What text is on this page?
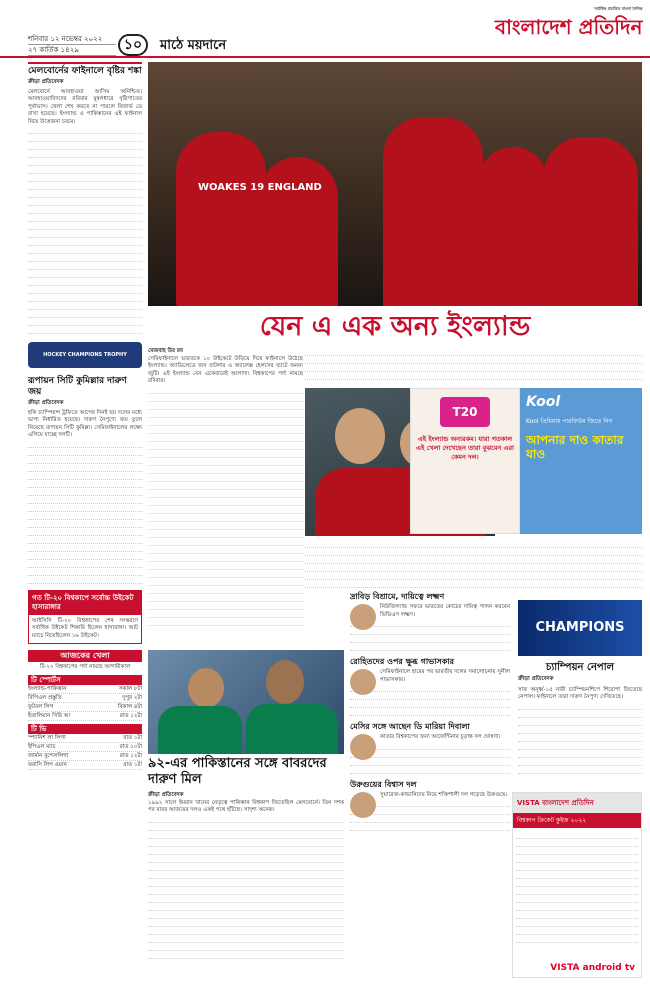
শনিবার ১২ নভেম্বর ২০২২
২৭ কার্তিক ১৪২৯	১০	মাঠে ময়দানে
সর্বাধিক প্রচারিত বাংলা দৈনিক
বাংলাদেশ প্রতিদিন
মেলবোর্নের ফাইনালে বৃষ্টির শঙ্কা
ক্রীড়া প্রতিবেদক
মেলবোর্নে আবহাওয়া আসিম অনিশ্চিত। আবহাওয়াবিদদের রবিবার মুষলধারে বৃষ্টিপাতের পূর্বাভাস। খেলা শেষ করতে না পারলে রিজার্ভ ডে রাখা হয়েছে। ইংল্যান্ড ও পাকিস্তানের এই ফাইনাল নিয়ে উত্তেজনা চরমে।
HOCKEY CHAMPIONS TROPHY
রূপায়ন সিটি কুমিল্লার দারুণ জয়
ক্রীড়া প্রতিবেদক
হকি চ্যাম্পিয়ন্স ট্রফিতে আগের দিনই ছয় দলের মধ্যে ভাগ্য নির্ধারিত হয়েছে। দারুণ নৈপুণ্যে জয় তুলে নিয়েছে রূপায়ন সিটি কুমিল্লা। সেমিফাইনালের লক্ষ্যে এগিয়ে যাচ্ছে দলটি।
গত টি-২০ বিশ্বকাপে সর্বোচ্চ উইকেট হাসারাঙ্গার
আইসিসি টি-২০ বিশ্বকাপের শেষ সংস্করণে সর্বাধিক উইকেট শিকারি ছিলেন হাসারাঙ্গা। আট ম্যাচে নিয়েছিলেন ১৬ উইকেট।
আজকের খেলা
টি-২০ বিশ্বকাপের পর্দা নামছে আগামীকাল
টি স্পোর্টস
ইংল্যান্ড-পাকিস্তান	সকাল ৮টা
বিপিএল প্রস্তুতি	দুপুর ২টা
ফুটবল লিগ	বিকাল ৪টা
ইতালিয়ান সিরি আ	রাত ১২টা
টি ভি
স্প্যানিশ লা লিগা	রাত ১টা
ইপিএল ম্যাচ	রাত ১০টা
জার্মান বুন্দেসলিগা	রাত ১২টা
ফরাসি লিগ ওয়ান	রাত ১টা
WOAKES 19 ENGLAND
যেন এ এক অন্য ইংল্যান্ড
মেজবাহ উর রব
সেমিফাইনালে ভারতকে ১০ উইকেটে উড়িয়ে দিয়ে ফাইনালে উঠেছে ইংল্যান্ড। অ্যাডিলেডে জস বাটলার ও অ্যালেক্স হেলসের ব্যাটে অনন্য জুটি। এই ইংল্যান্ড যেন একেবারেই আলাদা। বিশ্বকাপের পর্দা নামছে রবিবার।
T20
এই ইংল্যান্ড অন্যরকম। যারা গতকাল এই খেলা দেখেছেন তারা বুঝবেন এরা কেমন দল।
Kool
Kool প্রিমিয়াম পারফিউম জিতে নিন
আপনার দাও কাতার যাও
দ্রাবিড় বিশ্রামে, দায়িত্বে লক্ষ্মণ
নিউজিল্যান্ড সফরে ভারতের কোচের দায়িত্ব পালন করবেন ভিভিএস লক্ষ্মণ।
রোহিতদের ওপর ক্ষুব্ধ গাভাসকার
সেমিফাইনালে হারের পর ভারতীয় দলের সমালোচনায় সুনীল গাভাসকার।
মেসির সঙ্গে আছেন ডি মারিয়া দিবালা
কাতার বিশ্বকাপের জন্য আর্জেন্টিনার চূড়ান্ত দল ঘোষণা।
উরুগুয়ের বিশ্বাস দল
সুয়ারেজ-কাভানিদের নিয়ে শক্তিশালী দল গড়েছে উরুগুয়ে।
CHAMPIONS
চ্যাম্পিয়ন নেপাল
ক্রীড়া প্রতিবেদক
সাফ অনূর্ধ্ব-১৫ নারী চ্যাম্পিয়নশিপে শিরোপা জিতেছে নেপাল। ফাইনালে তারা দারুণ নৈপুণ্য দেখিয়েছে।
৯২-এর পাকিস্তানের সঙ্গে বাবরদের দারুণ মিল
ক্রীড়া প্রতিবেদক
১৯৯২ সালে ইমরান খানের নেতৃত্বে পাকিস্তান বিশ্বকাপ জিতেছিল মেলবোর্নে। তিন দশক পর বাবর আজমের দলও একই পথে হাঁটছে। সাদৃশ্য অনেক।
VISTA বাংলাদেশ প্রতিদিন
বিশ্বকাপ ক্রিকেট কুইজ ২০২২
VISTA android tv
